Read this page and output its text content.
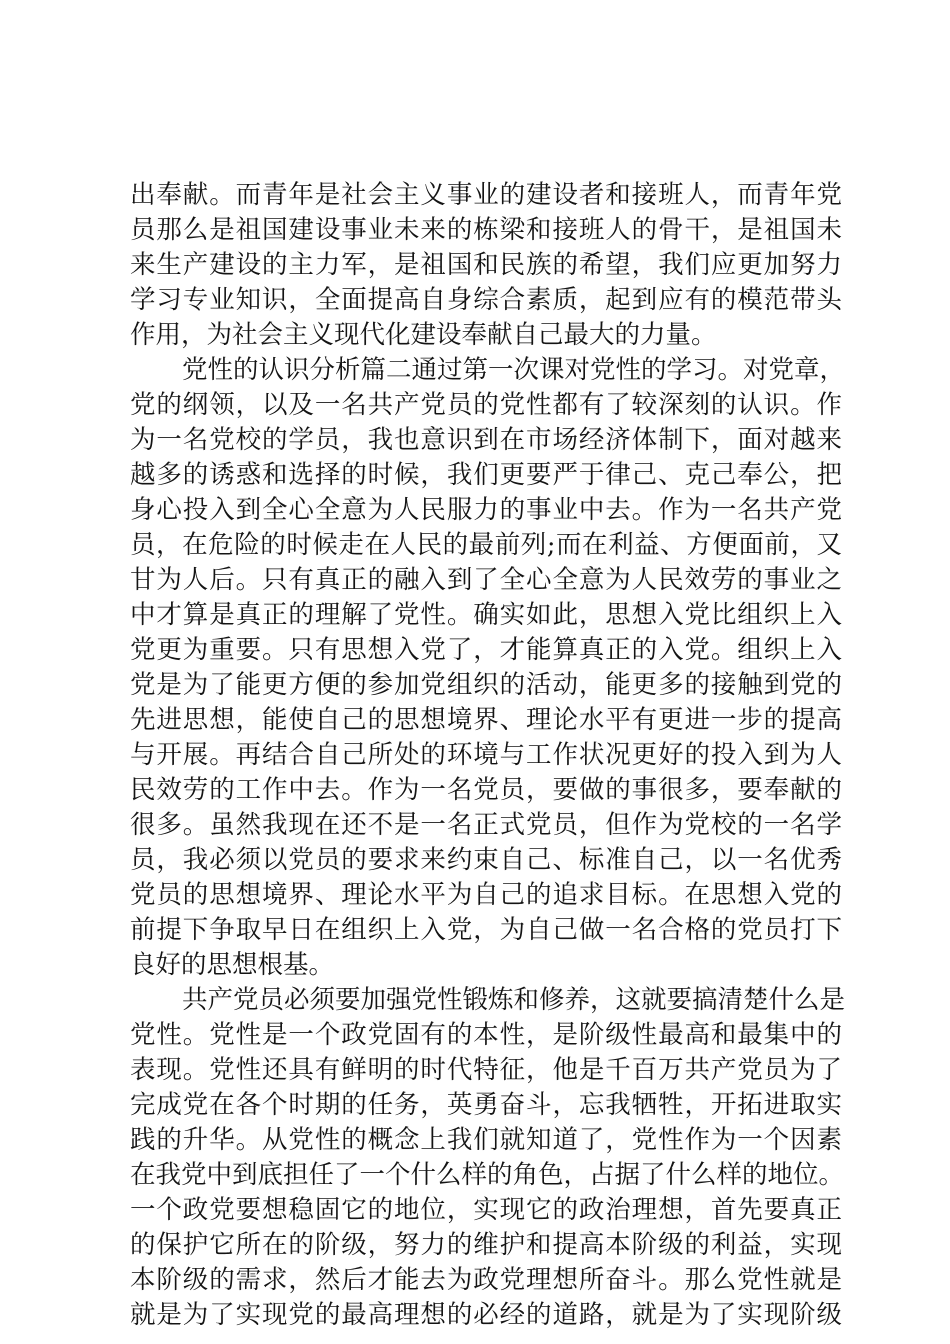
出奉献。而青年是社会主义事业的建设者和接班人，而青年党
员那么是祖国建设事业未来的栋梁和接班人的骨干，是祖国未
来生产建设的主力军，是祖国和民族的希望，我们应更加努力
学习专业知识，全面提高自身综合素质，起到应有的模范带头
作用，为社会主义现代化建设奉献自己最大的力量。
党性的认识分析篇二通过第一次课对党性的学习。对党章，
党的纲领，以及一名共产党员的党性都有了较深刻的认识。作
为一名党校的学员，我也意识到在市场经济体制下，面对越来
越多的诱惑和选择的时候，我们更要严于律己、克己奉公，把
身心投入到全心全意为人民服力的事业中去。作为一名共产党
员，在危险的时候走在人民的最前列;而在利益、方便面前，又
甘为人后。只有真正的融入到了全心全意为人民效劳的事业之
中才算是真正的理解了党性。确实如此，思想入党比组织上入
党更为重要。只有思想入党了，才能算真正的入党。组织上入
党是为了能更方便的参加党组织的活动，能更多的接触到党的
先进思想，能使自己的思想境界、理论水平有更进一步的提高
与开展。再结合自己所处的环境与工作状况更好的投入到为人
民效劳的工作中去。作为一名党员，要做的事很多，要奉献的
很多。虽然我现在还不是一名正式党员，但作为党校的一名学
员，我必须以党员的要求来约束自己、标准自己，以一名优秀
党员的思想境界、理论水平为自己的追求目标。在思想入党的
前提下争取早日在组织上入党，为自己做一名合格的党员打下
良好的思想根基。
共产党员必须要加强党性锻炼和修养，这就要搞清楚什么是
党性。党性是一个政党固有的本性，是阶级性最高和最集中的
表现。党性还具有鲜明的时代特征，他是千百万共产党员为了
完成党在各个时期的任务，英勇奋斗，忘我牺牲，开拓进取实
践的升华。从党性的概念上我们就知道了，党性作为一个因素
在我党中到底担任了一个什么样的角色，占据了什么样的地位。
一个政党要想稳固它的地位，实现它的政治理想，首先要真正
的保护它所在的阶级，努力的维护和提高本阶级的利益，实现
本阶级的需求，然后才能去为政党理想所奋斗。那么党性就是
就是为了实现党的最高理想的必经的道路，就是为了实现阶级
